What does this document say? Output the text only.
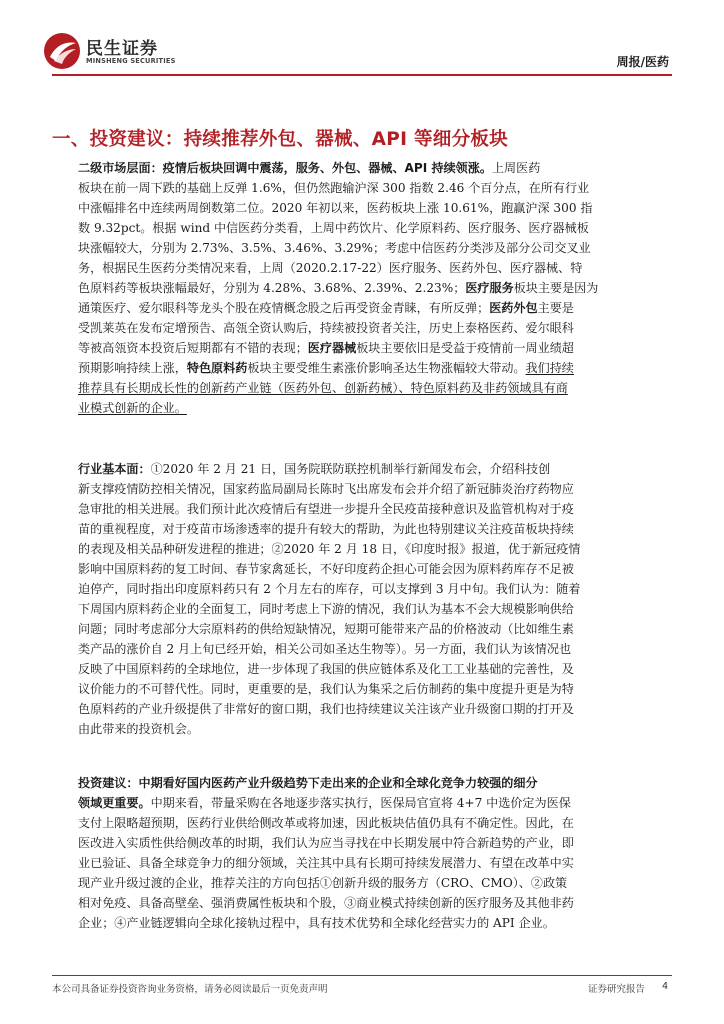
民生证券
MINSHENG SECURITIES	周报/医药
一、投资建议：持续推荐外包、器械、API 等细分板块
二级市场层面：疫情后板块回调中震荡，服务、外包、器械、API 持续领涨。上周医药
板块在前一周下跌的基础上反弹 1.6%，但仍然跑输沪深 300 指数 2.46 个百分点，在所有行业
中涨幅排名中连续两周倒数第二位。2020 年初以来，医药板块上涨 10.61%，跑赢沪深 300 指
数 9.32pct。根据 wind 中信医药分类看，上周中药饮片、化学原料药、医疗服务、医疗器械板
块涨幅较大，分别为 2.73%、3.5%、3.46%、3.29%；考虑中信医药分类涉及部分公司交叉业
务，根据民生医药分类情况来看，上周（2020.2.17-22）医疗服务、医药外包、医疗器械、特
色原料药等板块涨幅最好，分别为 4.28%、3.68%、2.39%、2.23%；医疗服务板块主要是因为
通策医疗、爱尔眼科等龙头个股在疫情概念股之后再受资金青睐，有所反弹；医药外包主要是
受凯莱英在发布定增预告、高瓴全资认购后，持续被投资者关注，历史上泰格医药、爱尔眼科
等被高瓴资本投资后短期都有不错的表现；医疗器械板块主要依旧是受益于疫情前一周业绩超
预期影响持续上涨，特色原料药板块主要受维生素涨价影响圣达生物涨幅较大带动。我们持续
推荐具有长期成长性的创新药产业链（医药外包、创新药械）、特色原料药及非药领域具有商
业模式创新的企业。
行业基本面：①2020 年 2 月 21 日，国务院联防联控机制举行新闻发布会，介绍科技创
新支撑疫情防控相关情况，国家药监局副局长陈时飞出席发布会并介绍了新冠肺炎治疗药物应
急审批的相关进展。我们预计此次疫情后有望进一步提升全民疫苗接种意识及监管机构对于疫
苗的重视程度，对于疫苗市场渗透率的提升有较大的帮助，为此也特别建议关注疫苗板块持续
的表现及相关品种研发进程的推进；②2020 年 2 月 18 日，《印度时报》报道，优于新冠疫情
影响中国原料药的复工时间、春节家禽延长，不好印度药企担心可能会因为原料药库存不足被
迫停产，同时指出印度原料药只有 2 个月左右的库存，可以支撑到 3 月中旬。我们认为：随着
下周国内原料药企业的全面复工，同时考虑上下游的情况，我们认为基本不会大规模影响供给
问题；同时考虑部分大宗原料药的供给短缺情况，短期可能带来产品的价格波动（比如维生素
类产品的涨价自 2 月上旬已经开始，相关公司如圣达生物等）。另一方面，我们认为该情况也
反映了中国原料药的全球地位，进一步体现了我国的供应链体系及化工工业基础的完善性，及
议价能力的不可替代性。同时，更重要的是，我们认为集采之后仿制药的集中度提升更是为特
色原料药的产业升级提供了非常好的窗口期，我们也持续建议关注该产业升级窗口期的打开及
由此带来的投资机会。
投资建议：中期看好国内医药产业升级趋势下走出来的企业和全球化竞争力较强的细分
领域更重要。中期来看，带量采购在各地逐步落实执行，医保局官宣将 4+7 中选价定为医保
支付上限略超预期，医药行业供给侧改革或将加速，因此板块估值仍具有不确定性。因此，在
医改进入实质性供给侧改革的时期，我们认为应当寻找在中长期发展中符合新趋势的产业，即
业已验证、具备全球竞争力的细分领域，关注其中具有长期可持续发展潜力、有望在改革中实
现产业升级过渡的企业，推荐关注的方向包括①创新升级的服务方（CRO、CMO）、②政策
相对免疫、具备高壁垒、强消费属性板块和个股，③商业模式持续创新的医疗服务及其他非药
企业；④产业链逻辑向全球化接轨过程中，具有技术优势和全球化经营实力的 API 企业。
本公司具备证券投资咨询业务资格，请务必阅读最后一页免责声明	证券研究报告 4
